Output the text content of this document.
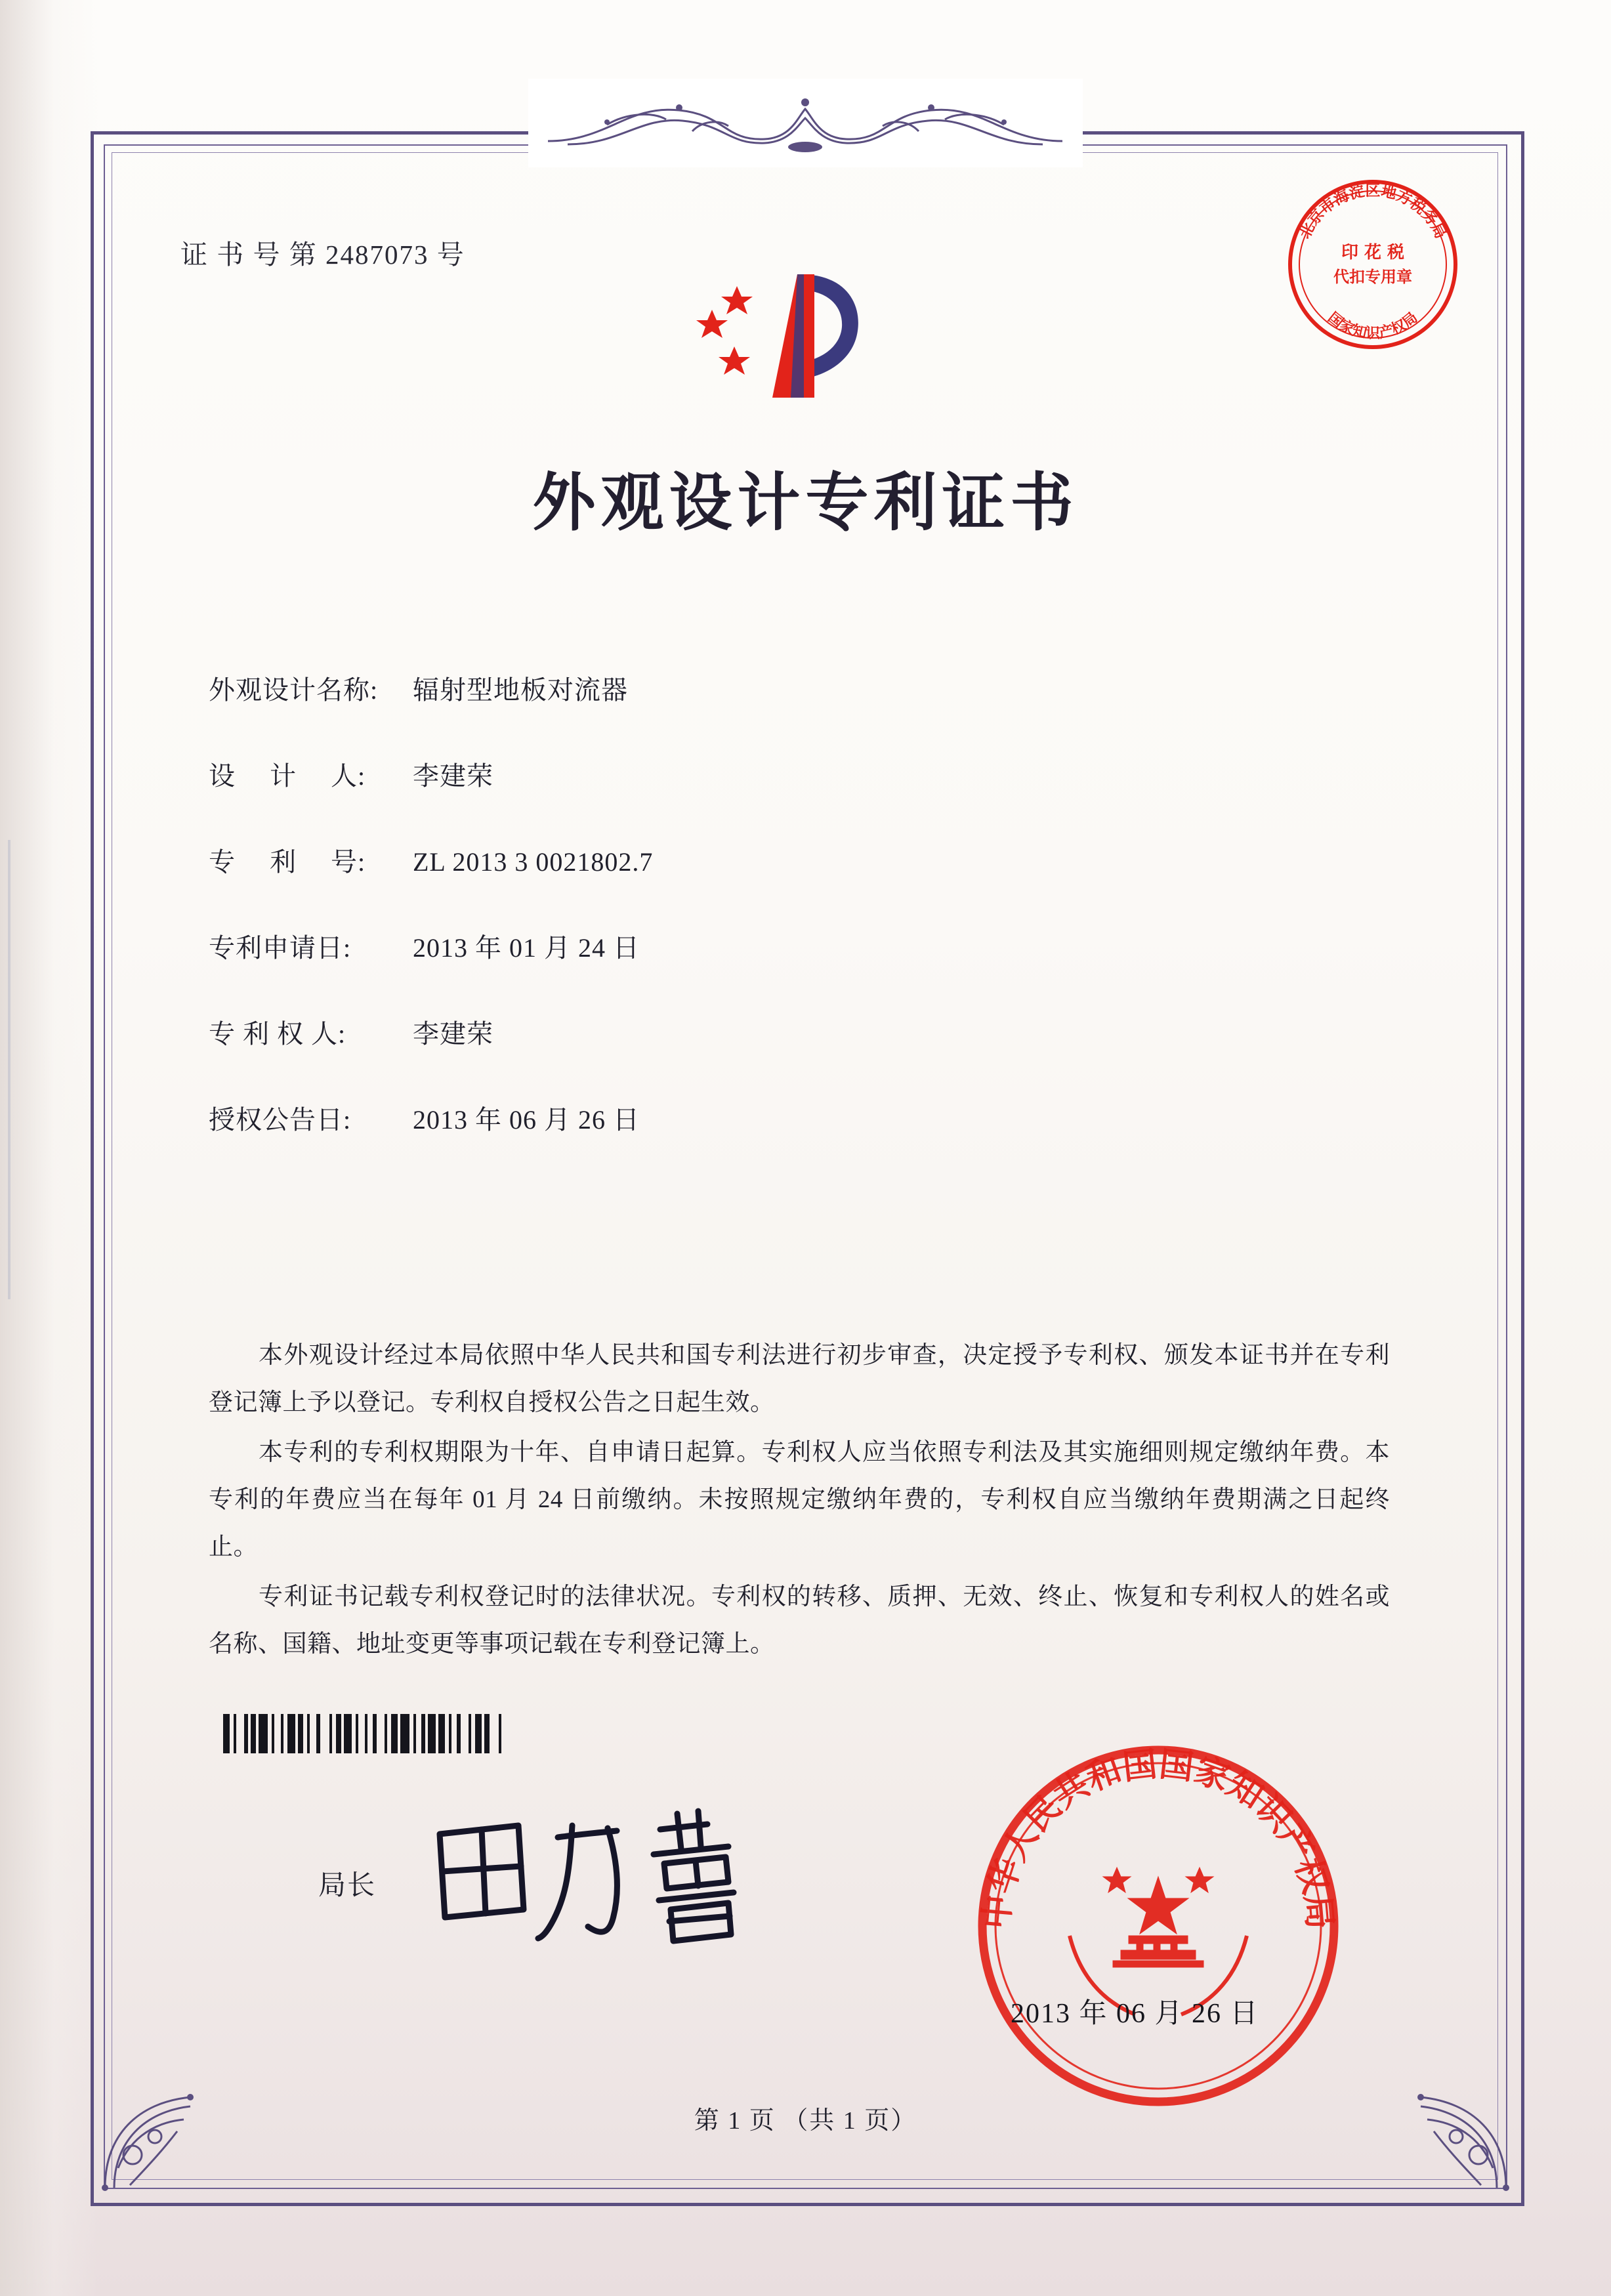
证 书 号 第 2487073 号
北京市海淀区地方税务局
国家知识产权局
印 花 税
代扣专用章
外观设计专利证书
外观设计名称: 辐射型地板对流器
设　 计 　人: 李建荣
专　 利 　号: ZL 2013 3 0021802.7
专利申请日: 2013 年 01 月 24 日
专 利 权 人:	李建荣
授权公告日: 2013 年 06 月 26 日

本外观设计经过本局依照中华人民共和国专利法进行初步审查，决定授予专利权、颁发本证书并在专利登记簿上予以登记。专利权自授权公告之日起生效。

本专利的专利权期限为十年、自申请日起算。专利权人应当依照专利法及其实施细则规定缴纳年费。本专利的年费应当在每年 01 月 24 日前缴纳。未按照规定缴纳年费的，专利权自应当缴纳年费期满之日起终止。

专利证书记载专利权登记时的法律状况。专利权的转移、质押、无效、终止、恢复和专利权人的姓名或名称、国籍、地址变更等事项记载在专利登记簿上。

局长
中华人民共和国国家知识产权局
2013 年 06 月 26 日
第 1 页 （共 1 页）
